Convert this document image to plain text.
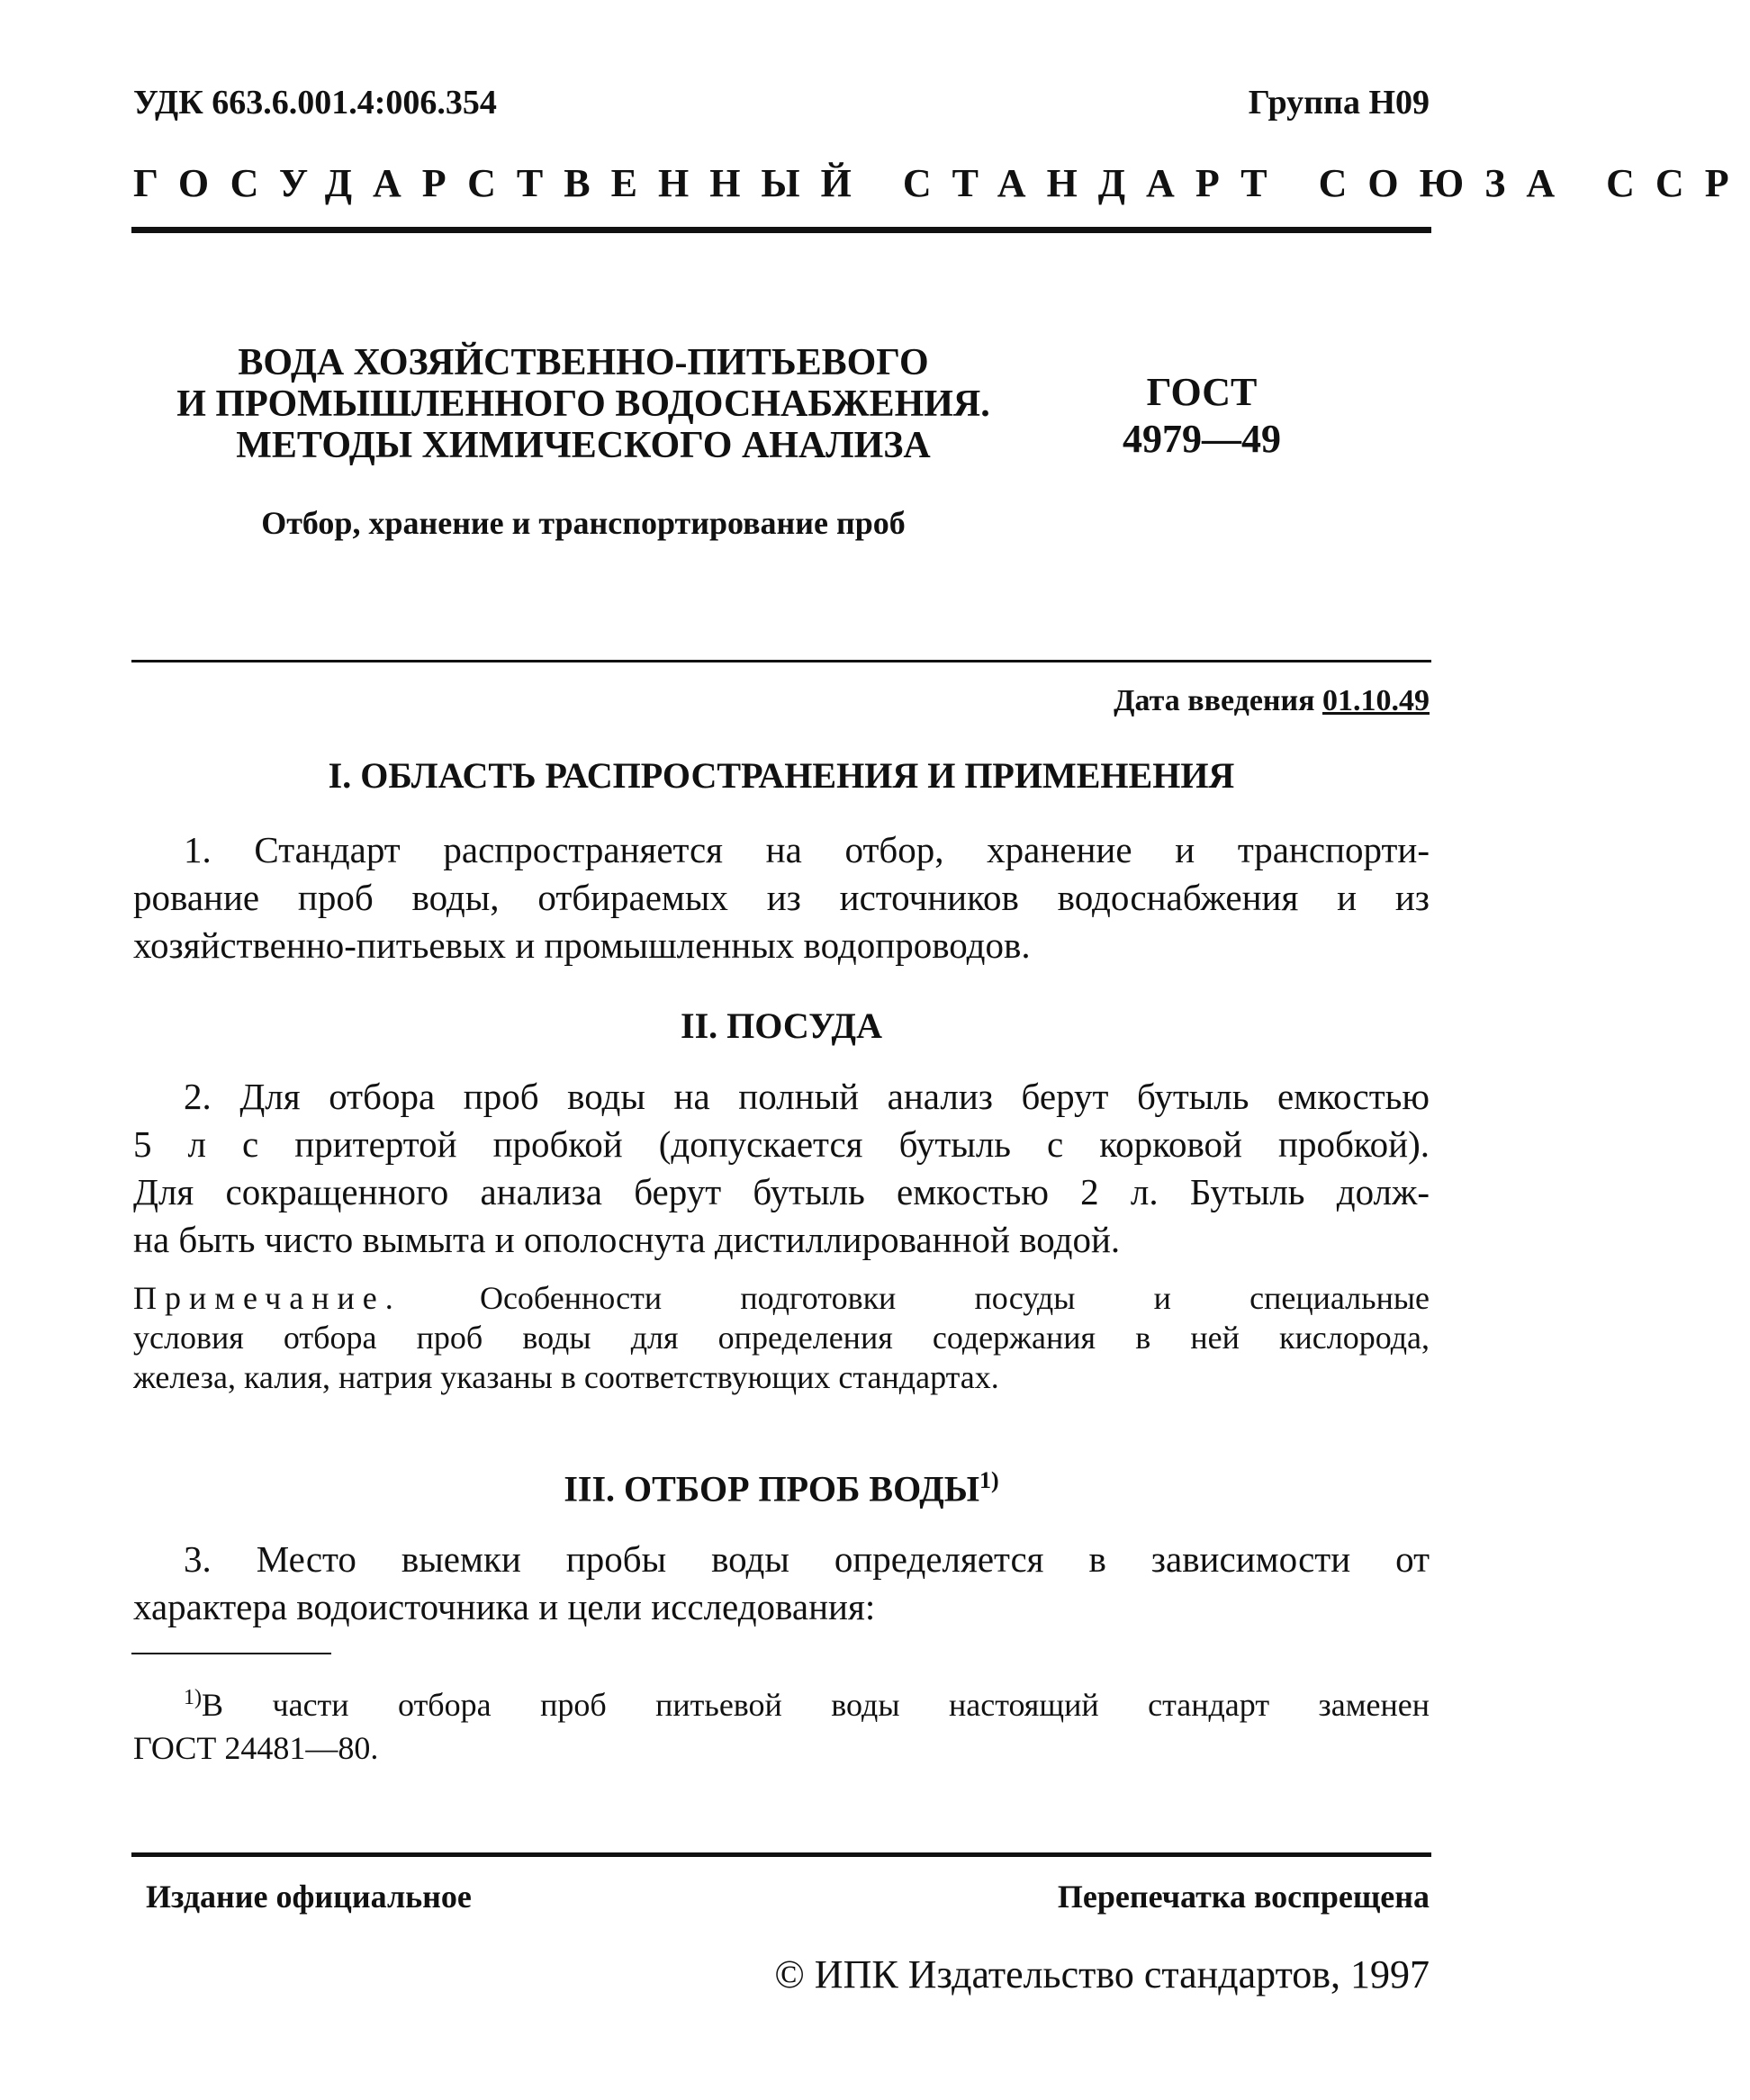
УДК 663.6.001.4:006.354	Группа Н09
ГОСУДАРСТВЕННЫЙ СТАНДАРТ СОЮЗА ССР
ВОДА ХОЗЯЙСТВЕННО-ПИТЬЕВОГО
И ПРОМЫШЛЕННОГО ВОДОСНАБЖЕНИЯ.
МЕТОДЫ ХИМИЧЕСКОГО АНАЛИЗА
ГОСТ
4979—49
Отбор, хранение и транспортирование проб
Дата введения 01.10.49
I. ОБЛАСТЬ РАСПРОСТРАНЕНИЯ И ПРИМЕНЕНИЯ
1. Стандарт распространяется на отбор, хранение и транспорти-
рование проб воды, отбираемых из источников водоснабжения и из
хозяйственно-питьевых и промышленных водопроводов.
II. ПОСУДА
2. Для отбора проб воды на полный анализ берут бутыль емкостью
5 л с притертой пробкой (допускается бутыль с корковой пробкой).
Для сокращенного анализа берут бутыль емкостью 2 л. Бутыль долж-
на быть чисто вымыта и ополоснута дистиллированной водой.
Примечание. Особенности подготовки посуды и специальные
условия отбора проб воды для определения содержания в ней кислорода,
железа, калия, натрия указаны в соответствующих стандартах.
III. ОТБОР ПРОБ ВОДЫ$^{1)}$
3. Место выемки пробы воды определяется в зависимости от
характера водоисточника и цели исследования:
$^{1)}$В части отбора проб питьевой воды настоящий стандарт заменен
ГОСТ 24481—80.
Издание официальное	Перепечатка воспрещена
© ИПК Издательство стандартов, 1997
